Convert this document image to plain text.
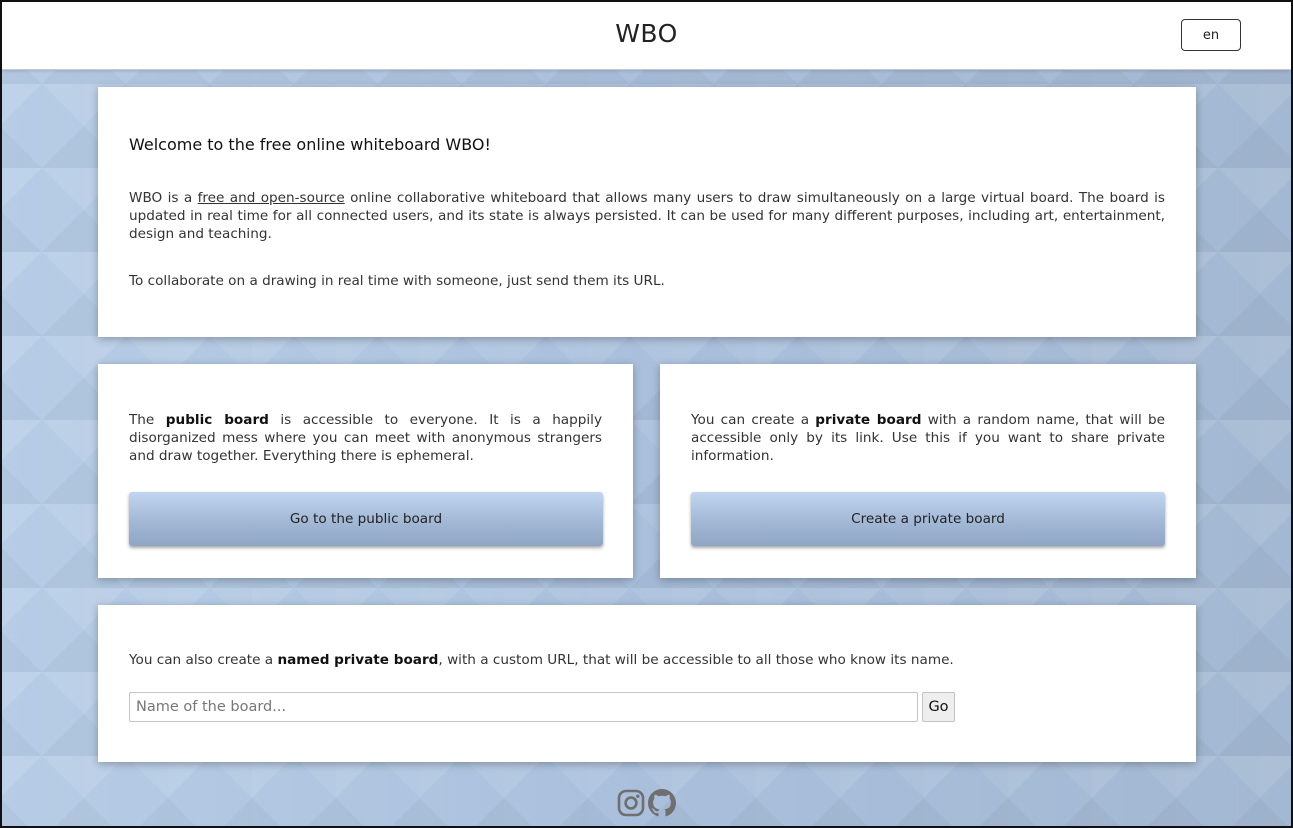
WBO	en
Welcome to the free online whiteboard WBO!

WBO is a free and open-source online collaborative whiteboard that allows many users to draw simultaneously on a large virtual board. The board is updated in real time for all connected users, and its state is always persisted. It can be used for many different purposes, including art, entertainment, design and teaching.

To collaborate on a drawing in real time with someone, just send them its URL.

The public board is accessible to everyone. It is a happily disorganized mess where you can meet with anonymous strangers and draw together. Everything there is ephemeral.

Go to the public board

You can create a private board with a random name, that will be accessible only by its link. Use this if you want to share private information.

Create a private board

You can also create a named private board, with a custom URL, that will be accessible to all those who know its name.

Name of the board...
Go
